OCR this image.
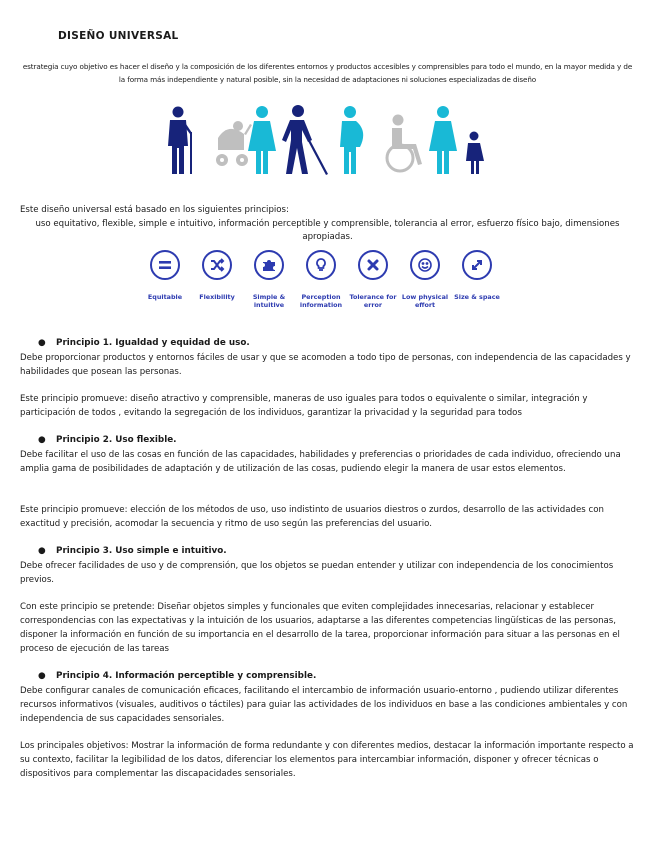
DISEÑO UNIVERSAL
estrategia cuyo objetivo es hacer el diseño y la composición de los diferentes entornos y productos accesibles y comprensibles para todo el mundo, en la mayor medida y de la forma más independiente y natural posible, sin la necesidad de adaptaciones ni soluciones especializadas de diseño
Este diseño universal está basado en los siguientes principios:
uso equitativo, flexible, simple e intuitivo, información perceptible y comprensible, tolerancia al error, esfuerzo físico bajo, dimensiones apropiadas.
Equitable	Flexibility	Simple & intuitive
Perception information
Tolerance for error
Low physical effort
Size & space
● Principio 1. Igualdad y equidad de uso.
Debe proporcionar productos y entornos fáciles de usar y que se acomoden a todo tipo de personas, con independencia de las capacidades y habilidades que posean las personas.
Este principio promueve: diseño atractivo y comprensible, maneras de uso iguales para todos o equivalente o similar, integración y participación de todos , evitando la segregación de los individuos, garantizar la privacidad y la seguridad para todos
● Principio 2. Uso flexible.
Debe facilitar el uso de las cosas en función de las capacidades, habilidades y preferencias o prioridades de cada individuo, ofreciendo una amplia gama de posibilidades de adaptación y de utilización de las cosas, pudiendo elegir la manera de usar estos elementos.
Este principio promueve: elección de los métodos de uso, uso indistinto de usuarios diestros o zurdos, desarrollo de las actividades con exactitud y precisión, acomodar la secuencia y ritmo de uso según las preferencias del usuario.
● Principio 3. Uso simple e intuitivo.
Debe ofrecer facilidades de uso y de comprensión, que los objetos se puedan entender y utilizar con independencia de los conocimientos previos.
Con este principio se pretende: Diseñar objetos simples y funcionales que eviten complejidades innecesarias, relacionar y establecer correspondencias con las expectativas y la intuición de los usuarios, adaptarse a las diferentes competencias lingüísticas de las personas, disponer la información en función de su importancia en el desarrollo de la tarea, proporcionar información para situar a las personas en el proceso de ejecución de las tareas
● Principio 4. Información perceptible y comprensible.
Debe configurar canales de comunicación eficaces, facilitando el intercambio de información usuario-entorno , pudiendo utilizar diferentes recursos informativos (visuales, auditivos o táctiles) para guiar las actividades de los individuos en base a las condiciones ambientales y con independencia de sus capacidades sensoriales.
Los principales objetivos: Mostrar la información de forma redundante y con diferentes medios, destacar la información importante respecto a su contexto, facilitar la legibilidad de los datos, diferenciar los elementos para intercambiar información, disponer y ofrecer técnicas o dispositivos para complementar las discapacidades sensoriales.
